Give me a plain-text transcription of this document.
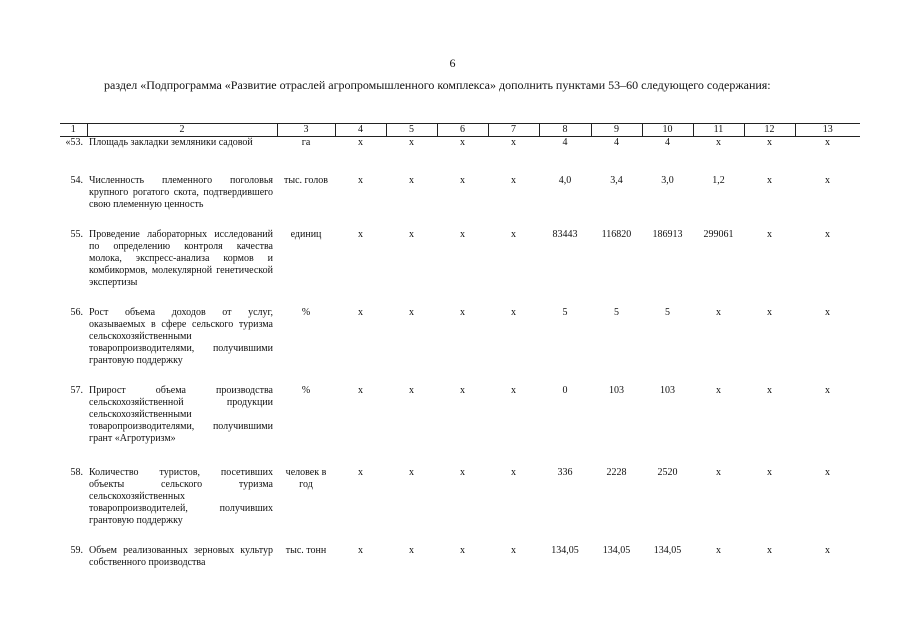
6
раздел «Подпрограмма «Развитие отраслей агропромышленного комплекса» дополнить пунктами 53–60 следующего содержания:
1	2	3	4	5	6	7	8	9	10	11	12	13
«53.	Площадь закладки земляники садовой	га	х	х	х	х	4	4	4	х	х	х
54.	Численность племенного поголовья крупного рогатого скота, подтвердившего свою племенную ценность	тыс. голов	х	х	х	х	4,0	3,4	3,0	1,2	х	х
55.	Проведение лабораторных исследований по определению контроля качества молока, экспресс-анализа кормов и комбикормов, молекулярной генетической экспертизы	единиц	х	х	х	х	83443	116820	186913	299061	х	х
56.	Рост объема доходов от услуг, оказываемых в сфере сельского туризма сельскохозяйственными товаропроизводителями, получившими грантовую поддержку	%	х	х	х	х	5	5	5	х	х	х
57.	Прирост объема производства сельскохозяйственной продукции сельскохозяйственными товаропроизводителями, получившими грант «Агротуризм»	%	х	х	х	х	0	103	103	х	х	х
58.	Количество туристов, посетивших объекты сельского туризма сельскохозяйственных товаропроизводителей, получивших грантовую поддержку	человек в год	х	х	х	х	336	2228	2520	х	х	х
59.	Объем реализованных зерновых культур собственного производства	тыс. тонн	х	х	х	х	134,05	134,05	134,05	х	х	х
